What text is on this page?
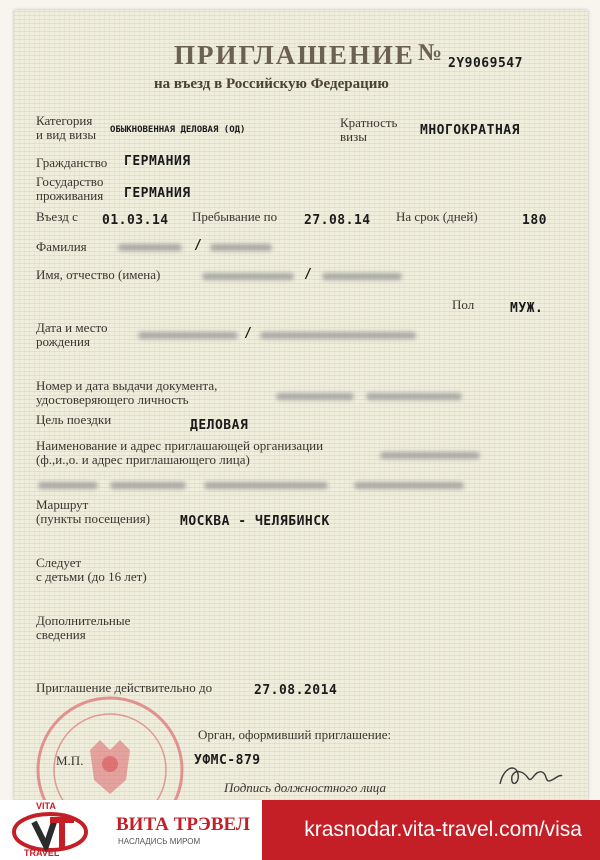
ПРИГЛАШЕНИЕ № 2Y9069547
на въезд в Российскую Федерацию
Категория
и вид визы ОБЫКНОВЕННАЯ ДЕЛОВАЯ (ОД)	Кратность
визы	МНОГОКРАТНАЯ
Гражданство ГЕРМАНИЯ
Государство
проживания ГЕРМАНИЯ
Въезд с 01.03.14 Пребывание по 27.08.14 На срок (дней)	180
Фамилия	/
Имя, отчество (имена)	/
Пол	МУЖ.
Дата и место
рождения
/
Номер и дата выдачи документа,
удостоверяющего личность
Цель поездки	ДЕЛОВАЯ
Наименование и адрес приглашающей организации
(ф.,и.,о. и адрес приглашающего лица)
Маршрут
(пункты посещения) МОСКВА - ЧЕЛЯБИНСК
Следует
с детьми (до 16 лет)
Дополнительные
сведения
Приглашение действительно до	27.08.2014
Орган, оформивший приглашение:
УФМС-879
М.П.
Подпись должностного лица
VITA
TRAVEL
ВИТА ТРЭВЕЛ
НАСЛАДИСЬ МИРОМ
krasnodar.vita-travel.com/visa
